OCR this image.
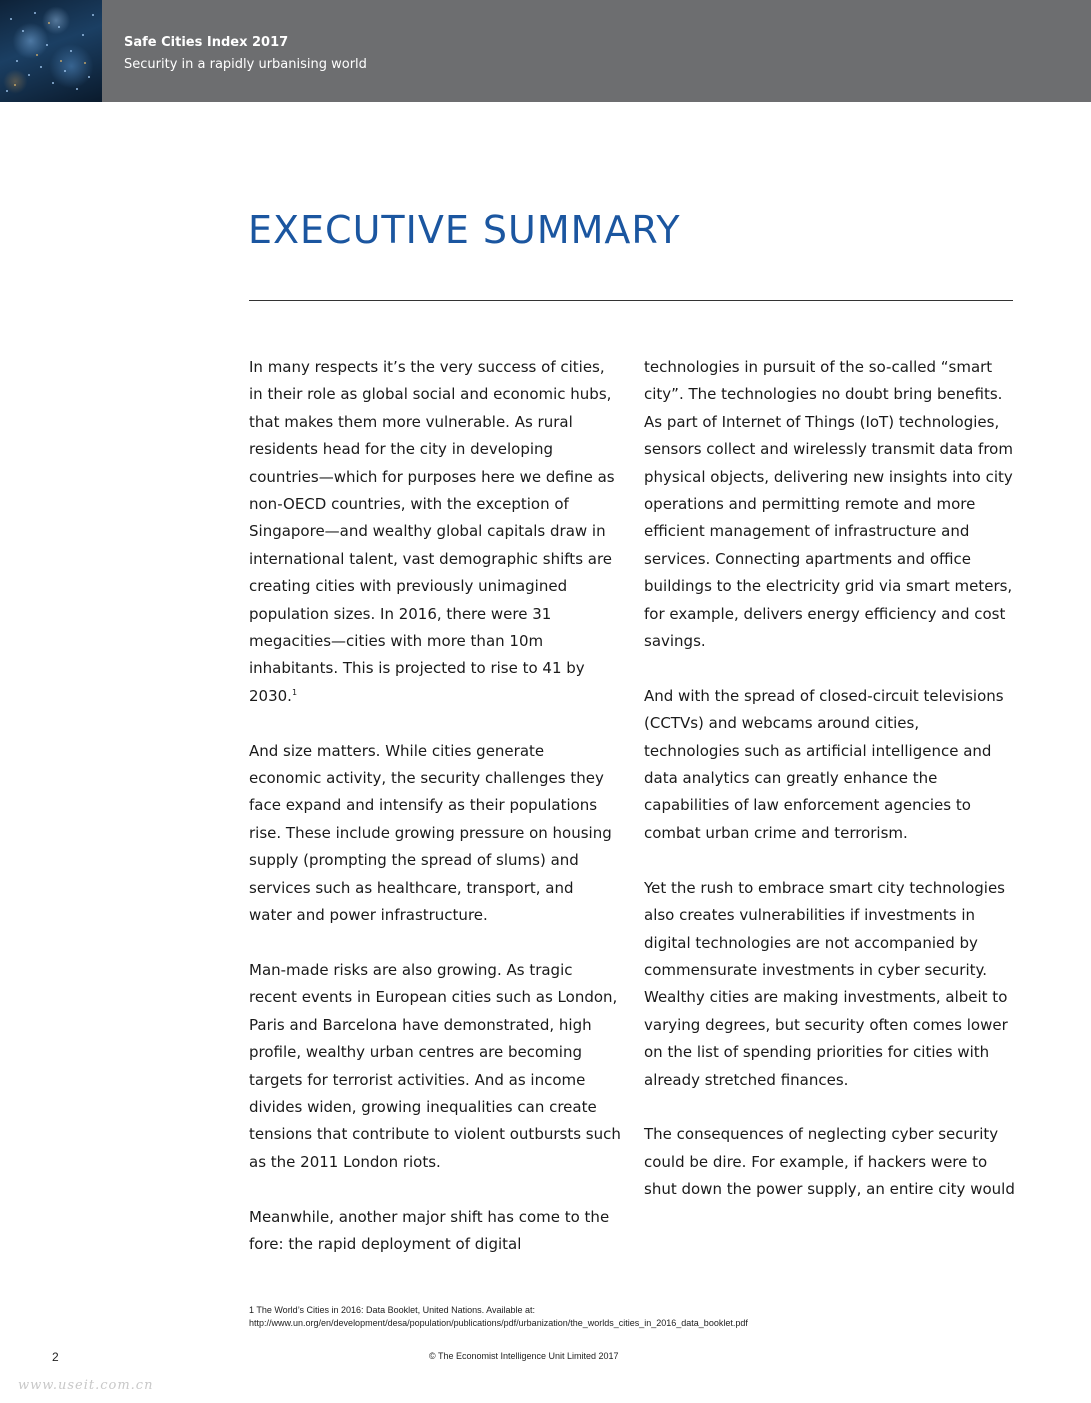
Safe Cities Index 2017
Security in a rapidly urbanising world
EXECUTIVE SUMMARY

In many respects it’s the very success of cities, in their role as global social and economic hubs, that makes them more vulnerable. As rural residents head for the city in developing countries—which for purposes here we define as non-OECD countries, with the exception of Singapore—and wealthy global capitals draw in international talent, vast demographic shifts are creating cities with previously unimagined population sizes. In 2016, there were 31 megacities—cities with more than 10m inhabitants. This is projected to rise to 41 by 2030.$^1$

And size matters. While cities generate economic activity, the security challenges they face expand and intensify as their populations rise. These include growing pressure on housing supply (prompting the spread of slums) and services such as healthcare, transport, and water and power infrastructure.

Man-made risks are also growing. As tragic recent events in European cities such as London, Paris and Barcelona have demonstrated, high profile, wealthy urban centres are becoming targets for terrorist activities. And as income divides widen, growing inequalities can create tensions that contribute to violent outbursts such as the 2011 London riots.

Meanwhile, another major shift has come to the fore: the rapid deployment of digital

technologies in pursuit of the so-called “smart city”. The technologies no doubt bring benefits. As part of Internet of Things (IoT) technologies, sensors collect and wirelessly transmit data from physical objects, delivering new insights into city operations and permitting remote and more efficient management of infrastructure and services. Connecting apartments and office buildings to the electricity grid via smart meters, for example, delivers energy efficiency and cost savings.

And with the spread of closed-circuit televisions (CCTVs) and webcams around cities, technologies such as artificial intelligence and data analytics can greatly enhance the capabilities of law enforcement agencies to combat urban crime and terrorism.

Yet the rush to embrace smart city technologies also creates vulnerabilities if investments in digital technologies are not accompanied by commensurate investments in cyber security. Wealthy cities are making investments, albeit to varying degrees, but security often comes lower on the list of spending priorities for cities with already stretched finances.

The consequences of neglecting cyber security could be dire. For example, if hackers were to shut down the power supply, an entire city would

1 The World’s Cities in 2016: Data Booklet, United Nations. Available at: http://www.un.org/en/development/desa/population/publications/pdf/urbanization/the_worlds_cities_in_2016_data_booklet.pdf
2	© The Economist Intelligence Unit Limited 2017
www.useit.com.cn
